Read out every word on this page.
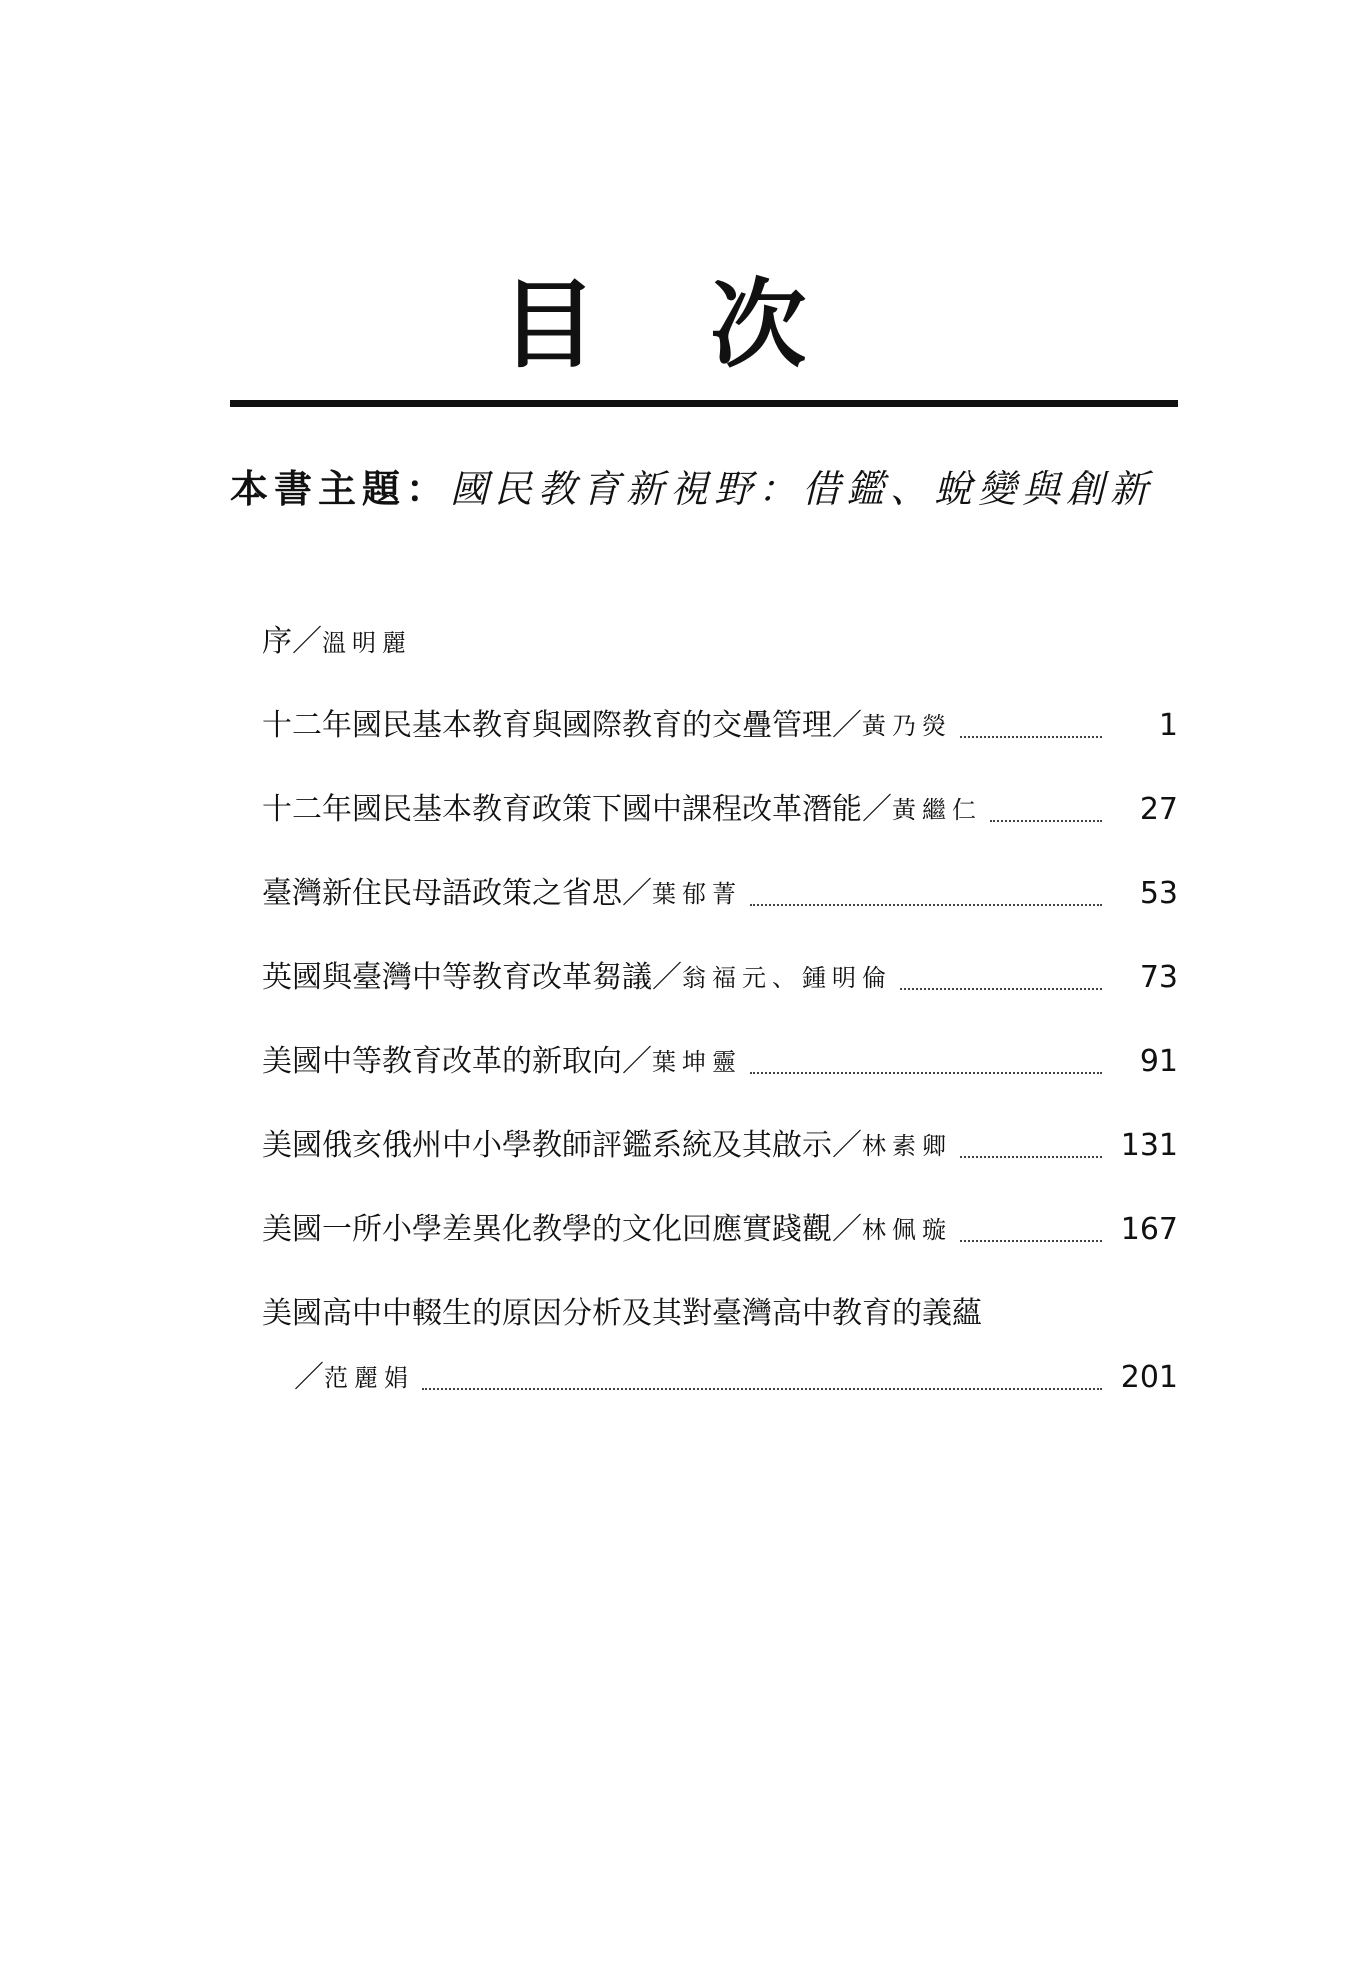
目 次
本書主題：國民教育新視野：借鑑、蛻變與創新
序／溫明麗
十二年國民基本教育與國際教育的交疊管理 ／ 黃乃熒	1
十二年國民基本教育政策下國中課程改革潛能 ／ 黃繼仁	27
臺灣新住民母語政策之省思 ／ 葉郁菁	53
英國與臺灣中等教育改革芻議 ／ 翁福元、鍾明倫	73
美國中等教育改革的新取向 ／ 葉坤靈	91
美國俄亥俄州中小學教師評鑑系統及其啟示 ／ 林素卿	131
美國一所小學差異化教學的文化回應實踐觀 ／ 林佩璇	167
美國高中中輟生的原因分析及其對臺灣高中教育的義蘊
／ 范麗娟	201
